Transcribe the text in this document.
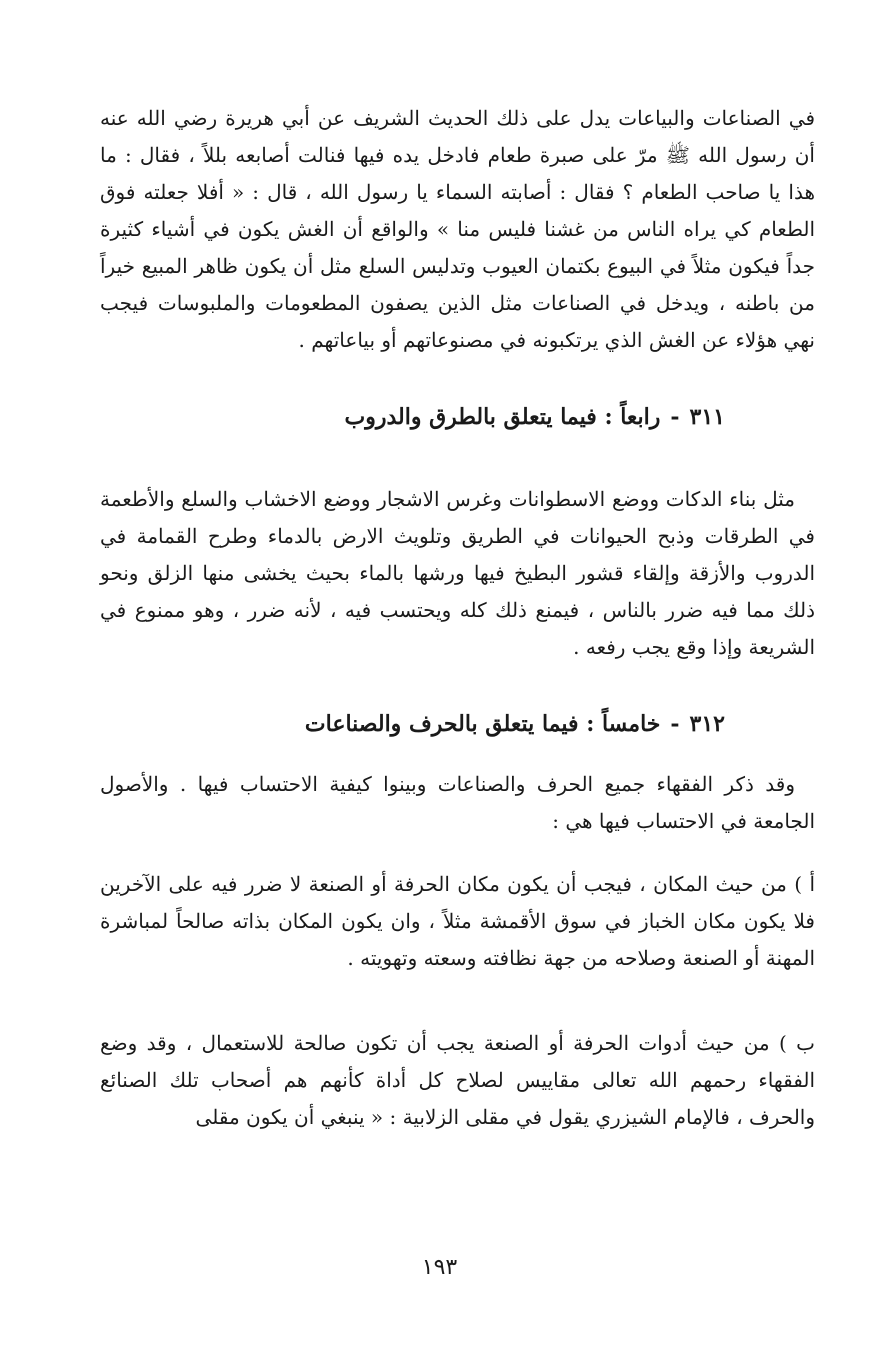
في الصناعات والبياعات يدل على ذلك الحديث الشريف عن أبي هريرة رضي الله عنه أن رسول الله ﷺ مرّ على صبرة طعام فادخل يده فيها فنالت أصابعه بللاً ، فقال : ما هذا يا صاحب الطعام ؟ فقال : أصابته السماء يا رسول الله ، قال : « أفلا جعلته فوق الطعام كي يراه الناس من غشنا فليس منا » والواقع أن الغش يكون في أشياء كثيرة جداً فيكون مثلاً في البيوع بكتمان العيوب وتدليس السلع مثل أن يكون ظاهر المبيع خيراً من باطنه ، ويدخل في الصناعات مثل الذين يصفون المطعومات والملبوسات فيجب نهي هؤلاء عن الغش الذي يرتكبونه في مصنوعاتهم أو بياعاتهم .

٣١١-رابعاً : فيما يتعلق بالطرق والدروب

مثل بناء الدكات ووضع الاسطوانات وغرس الاشجار ووضع الاخشاب والسلع والأطعمة في الطرقات وذبح الحيوانات في الطريق وتلويث الارض بالدماء وطرح القمامة في الدروب والأزقة وإلقاء قشور البطيخ فيها ورشها بالماء بحيث يخشى منها الزلق ونحو ذلك مما فيه ضرر بالناس ، فيمنع ذلك كله ويحتسب فيه ، لأنه ضرر ، وهو ممنوع في الشريعة وإذا وقع يجب رفعه .

٣١٢-خامساً : فيما يتعلق بالحرف والصناعات

وقد ذكر الفقهاء جميع الحرف والصناعات وبينوا كيفية الاحتساب فيها . والأصول الجامعة في الاحتساب فيها هي :

أ ) من حيث المكان ، فيجب أن يكون مكان الحرفة أو الصنعة لا ضرر فيه على الآخرين فلا يكون مكان الخباز في سوق الأقمشة مثلاً ، وان يكون المكان بذاته صالحاً لمباشرة المهنة أو الصنعة وصلاحه من جهة نظافته وسعته وتهويته .

ب ) من حيث أدوات الحرفة أو الصنعة يجب أن تكون صالحة للاستعمال ، وقد وضع الفقهاء رحمهم الله تعالى مقاييس لصلاح كل أداة كأنهم هم أصحاب تلك الصنائع والحرف ، فالإمام الشيزري يقول في مقلى الزلابية : « ينبغي أن يكون مقلى

١٩٣
